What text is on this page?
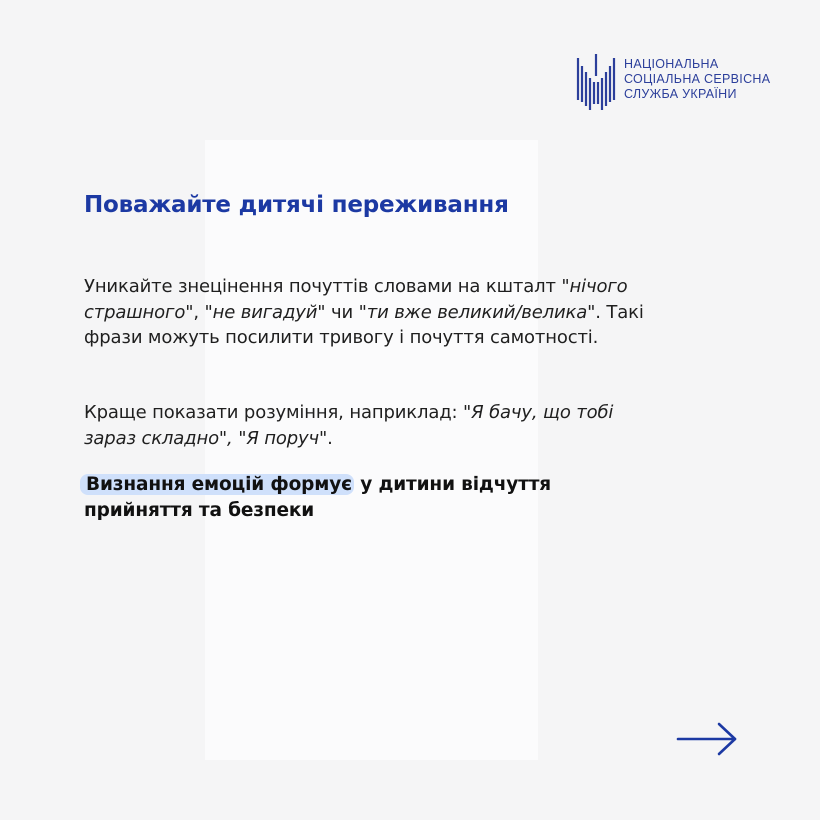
НАЦІОНАЛЬНА
СОЦІАЛЬНА СЕРВІСНА
СЛУЖБА УКРАЇНИ
Поважайте дитячі переживання

Уникайте знецінення почуттів словами на кшталт "нічого страшного", "не вигадуй" чи "ти вже великий/велика". Такі фрази можуть посилити тривогу і почуття самотності.

Краще показати розуміння, наприклад: "Я бачу, що тобі зараз складно", "Я поруч".

Визнання емоцій формує у дитини відчуття прийняття та безпеки
